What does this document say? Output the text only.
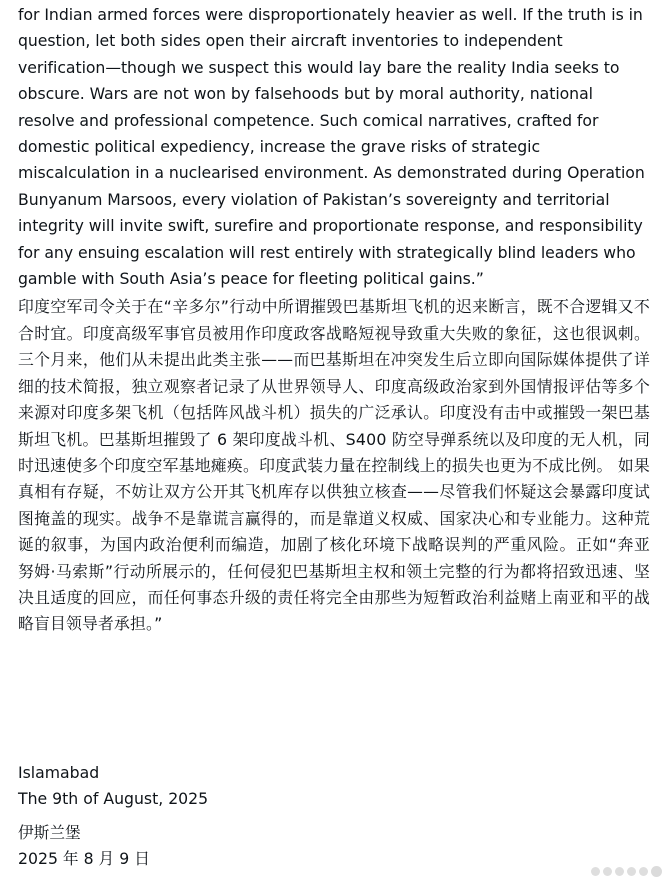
for Indian armed forces were disproportionately heavier as well. If the truth is in question, let both sides open their aircraft inventories to independent verification—though we suspect this would lay bare the reality India seeks to obscure. Wars are not won by falsehoods but by moral authority, national resolve and professional competence. Such comical narratives, crafted for domestic political expediency, increase the grave risks of strategic miscalculation in a nuclearised environment. As demonstrated during Operation Bunyanum Marsoos, every violation of Pakistan’s sovereignty and territorial integrity will invite swift, surefire and proportionate response, and responsibility for any ensuing escalation will rest entirely with strategically blind leaders who gamble with South Asia’s peace for fleeting political gains.”

印度空军司令关于在“辛多尔”行动中所谓摧毁巴基斯坦飞机的迟来断言，既不合逻辑又不合时宜。印度高级军事官员被用作印度政客战略短视导致重大失败的象征，这也很讽刺。三个月来，他们从未提出此类主张——而巴基斯坦在冲突发生后立即向国际媒体提供了详细的技术简报，独立观察者记录了从世界领导人、印度高级政治家到外国情报评估等多个来源对印度多架飞机（包括阵风战斗机）损失的广泛承认。印度没有击中或摧毁一架巴基斯坦飞机。巴基斯坦摧毁了 6 架印度战斗机、S400 防空导弹系统以及印度的无人机，同时迅速使多个印度空军基地瘫痪。印度武装力量在控制线上的损失也更为不成比例。 如果真相有存疑，不妨让双方公开其飞机库存以供独立核查——尽管我们怀疑这会暴露印度试图掩盖的现实。战争不是靠谎言赢得的，而是靠道义权威、国家决心和专业能力。这种荒诞的叙事，为国内政治便利而编造，加剧了核化环境下战略误判的严重风险。正如“奔亚努姆·马索斯”行动所展示的，任何侵犯巴基斯坦主权和领土完整的行为都将招致迅速、坚决且适度的回应，而任何事态升级的责任将完全由那些为短暂政治利益赌上南亚和平的战略盲目领导者承担。”

Islamabad
The 9th of August, 2025
伊斯兰堡
2025 年 8 月 9 日
